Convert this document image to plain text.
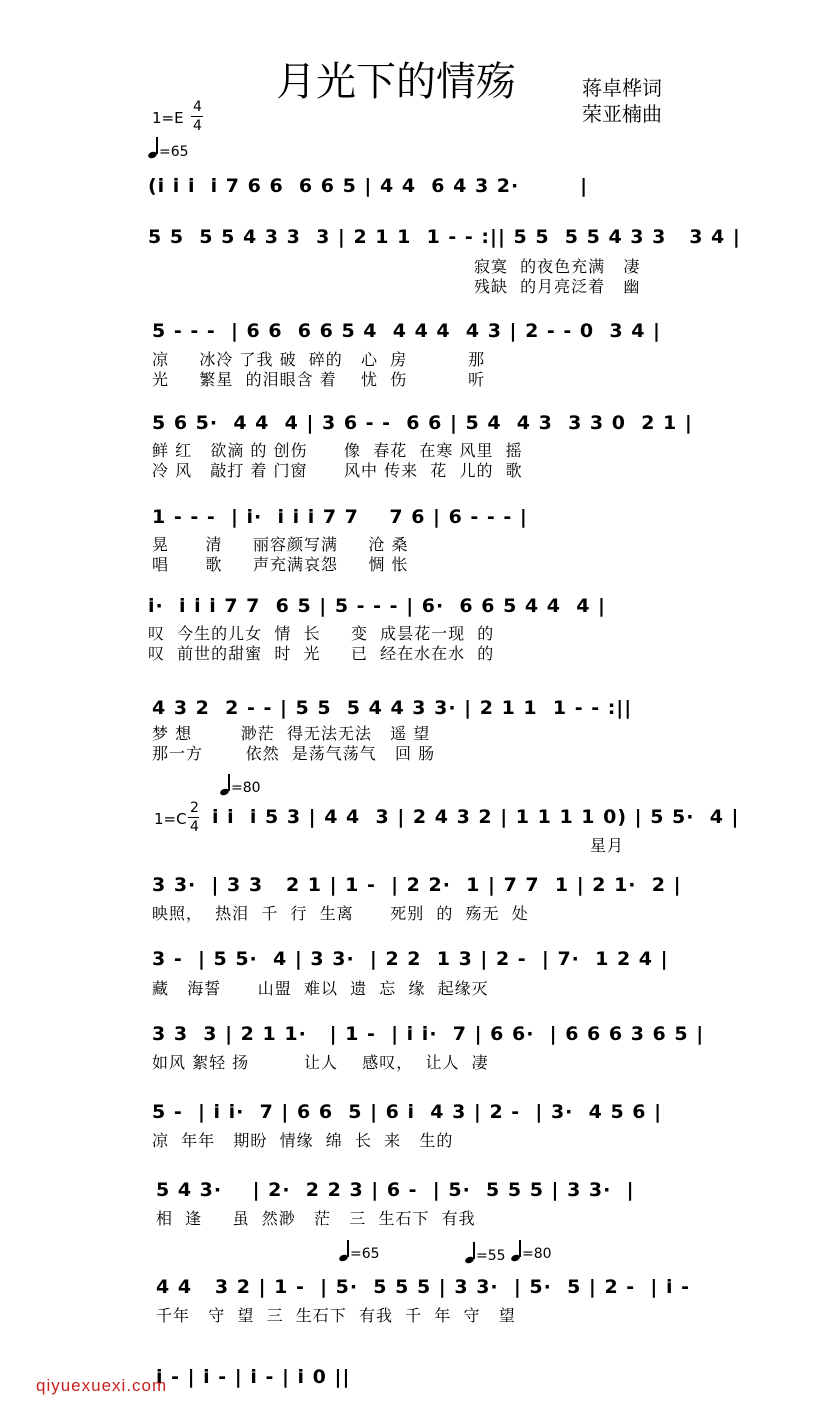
月光下的情殇	蒋卓桦词
荣亚楠曲
1=E
4
4
=65
(i i i  i 7 6 6  6 6 5 | 4 4  6 4 3 2·        |
5 5  5 5 4 3 3  3 | 2 1 1  1 - - :|| 5 5  5 5 4 3 3   3 4 |
寂寞  的夜色充满   凄
残缺  的月亮泛着   幽
5 - - -  | 6 6  6 6 5 4  4 4 4  4 3 | 2 - - 0  3 4 |
凉     冰冷 了我 破  碎的   心  房          那
光     繁星  的泪眼含 着    忧  伤          听
5 6 5·  4 4  4 | 3 6 - -  6 6 | 5 4  4 3  3 3 0  2 1 |
鲜 红   欲滴 的 创伤      像  春花  在寒 风里  摇
冷 风   敲打 着 门窗      风中 传来  花  儿的  歌
1 - - -  | i·  i i i 7 7    7 6 | 6 - - - |
晃      清     丽容颜写满     沧 桑
唱      歌     声充满哀怨     惆 怅
i·  i i i 7 7  6 5 | 5 - - - | 6·  6 6 5 4 4  4 |
叹  今生的儿女  情  长     变  成昙花一现  的
叹  前世的甜蜜  时  光     已  经在水在水  的
4 3 2  2 - - | 5 5  5 4 4 3 3· | 2 1 1  1 - - :||
梦 想        渺茫  得无法无法   遥 望
那一方       依然  是荡气荡气   回 肠
=80
1=C
2
4 i i  i 5 3 | 4 4  3 | 2 4 3 2 | 1 1 1 1 0) | 5 5·  4 |
星月
3 3·  | 3 3   2 1 | 1 -  | 2 2·  1 | 7 7  1 | 2 1·  2 |
映照，  热泪  千  行  生离      死别  的  殇无  处
3 -  | 5 5·  4 | 3 3·  | 2 2  1 3 | 2 -  | 7·  1 2 4 |
藏   海誓      山盟  难以  遗  忘  缘  起缘灭
3 3  3 | 2 1 1·   | 1 -  | i i·  7 | 6 6·  | 6 6 6 3 6 5 |
如风 絮轻 扬         让人    感叹，  让人  凄
5 -  | i i·  7 | 6 6  5 | 6 i  4 3 | 2 -  | 3·  4 5 6 |
凉  年年   期盼  情缘  绵  长  来   生的
5 4 3·    | 2·  2 2 3 | 6 -  | 5·  5 5 5 | 3 3·  |
相  逢     虽  然渺   茫   三  生石下  有我
=65	=55 =80
4 4   3 2 | 1 -  | 5·  5 5 5 | 3 3·  | 5·  5 | 2 -  | i -
千年   守  望  三  生石下  有我  千  年  守   望
i - | i - | i - | i 0 ||
qiyuexuexi.com
